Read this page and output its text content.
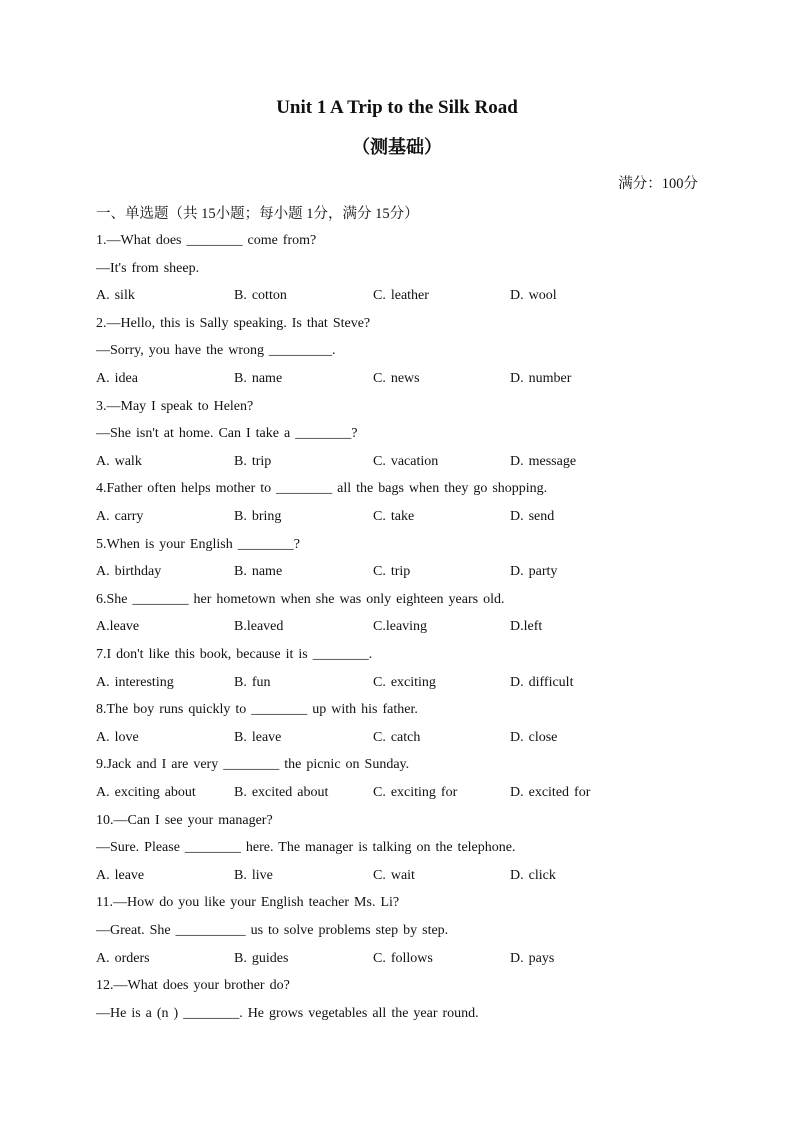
Unit 1 A Trip to the Silk Road
（测基础）
满分：100分
一、单选题（共 15小题；每小题 1分，满分 15分）
1.—What does ________ come from?
—It's from sheep.
A. silk	B. cotton	C. leather	D. wool
2.—Hello, this is Sally speaking. Is that Steve?
—Sorry, you have the wrong _________.
A. idea	B. name	C. news	D. number
3.—May I speak to Helen?
—She isn't at home. Can I take a ________?
A. walk	B. trip	C. vacation	D. message
4.Father often helps mother to ________ all the bags when they go shopping.
A. carry	B. bring	C. take	D. send
5.When is your English ________?
A. birthday	B. name	C. trip	D. party
6.She ________ her hometown when she was only eighteen years old.
A.leave	B.leaved	C.leaving	D.left
7.I don't like this book, because it is ________.
A. interesting	B. fun	C. exciting	D. difficult
8.The boy runs quickly to ________ up with his father.
A. love	B. leave	C. catch	D. close
9.Jack and I are very ________ the picnic on Sunday.
A. exciting about	B. excited about	C. exciting for	D. excited for
10.—Can I see your manager?
—Sure. Please ________ here. The manager is talking on the telephone.
A. leave	B. live	C. wait	D. click
11.—How do you like your English teacher Ms. Li?
—Great. She __________ us to solve problems step by step.
A. orders	B. guides	C. follows	D. pays
12.—What does your brother do?
—He is a (n ) ________. He grows vegetables all the year round.
